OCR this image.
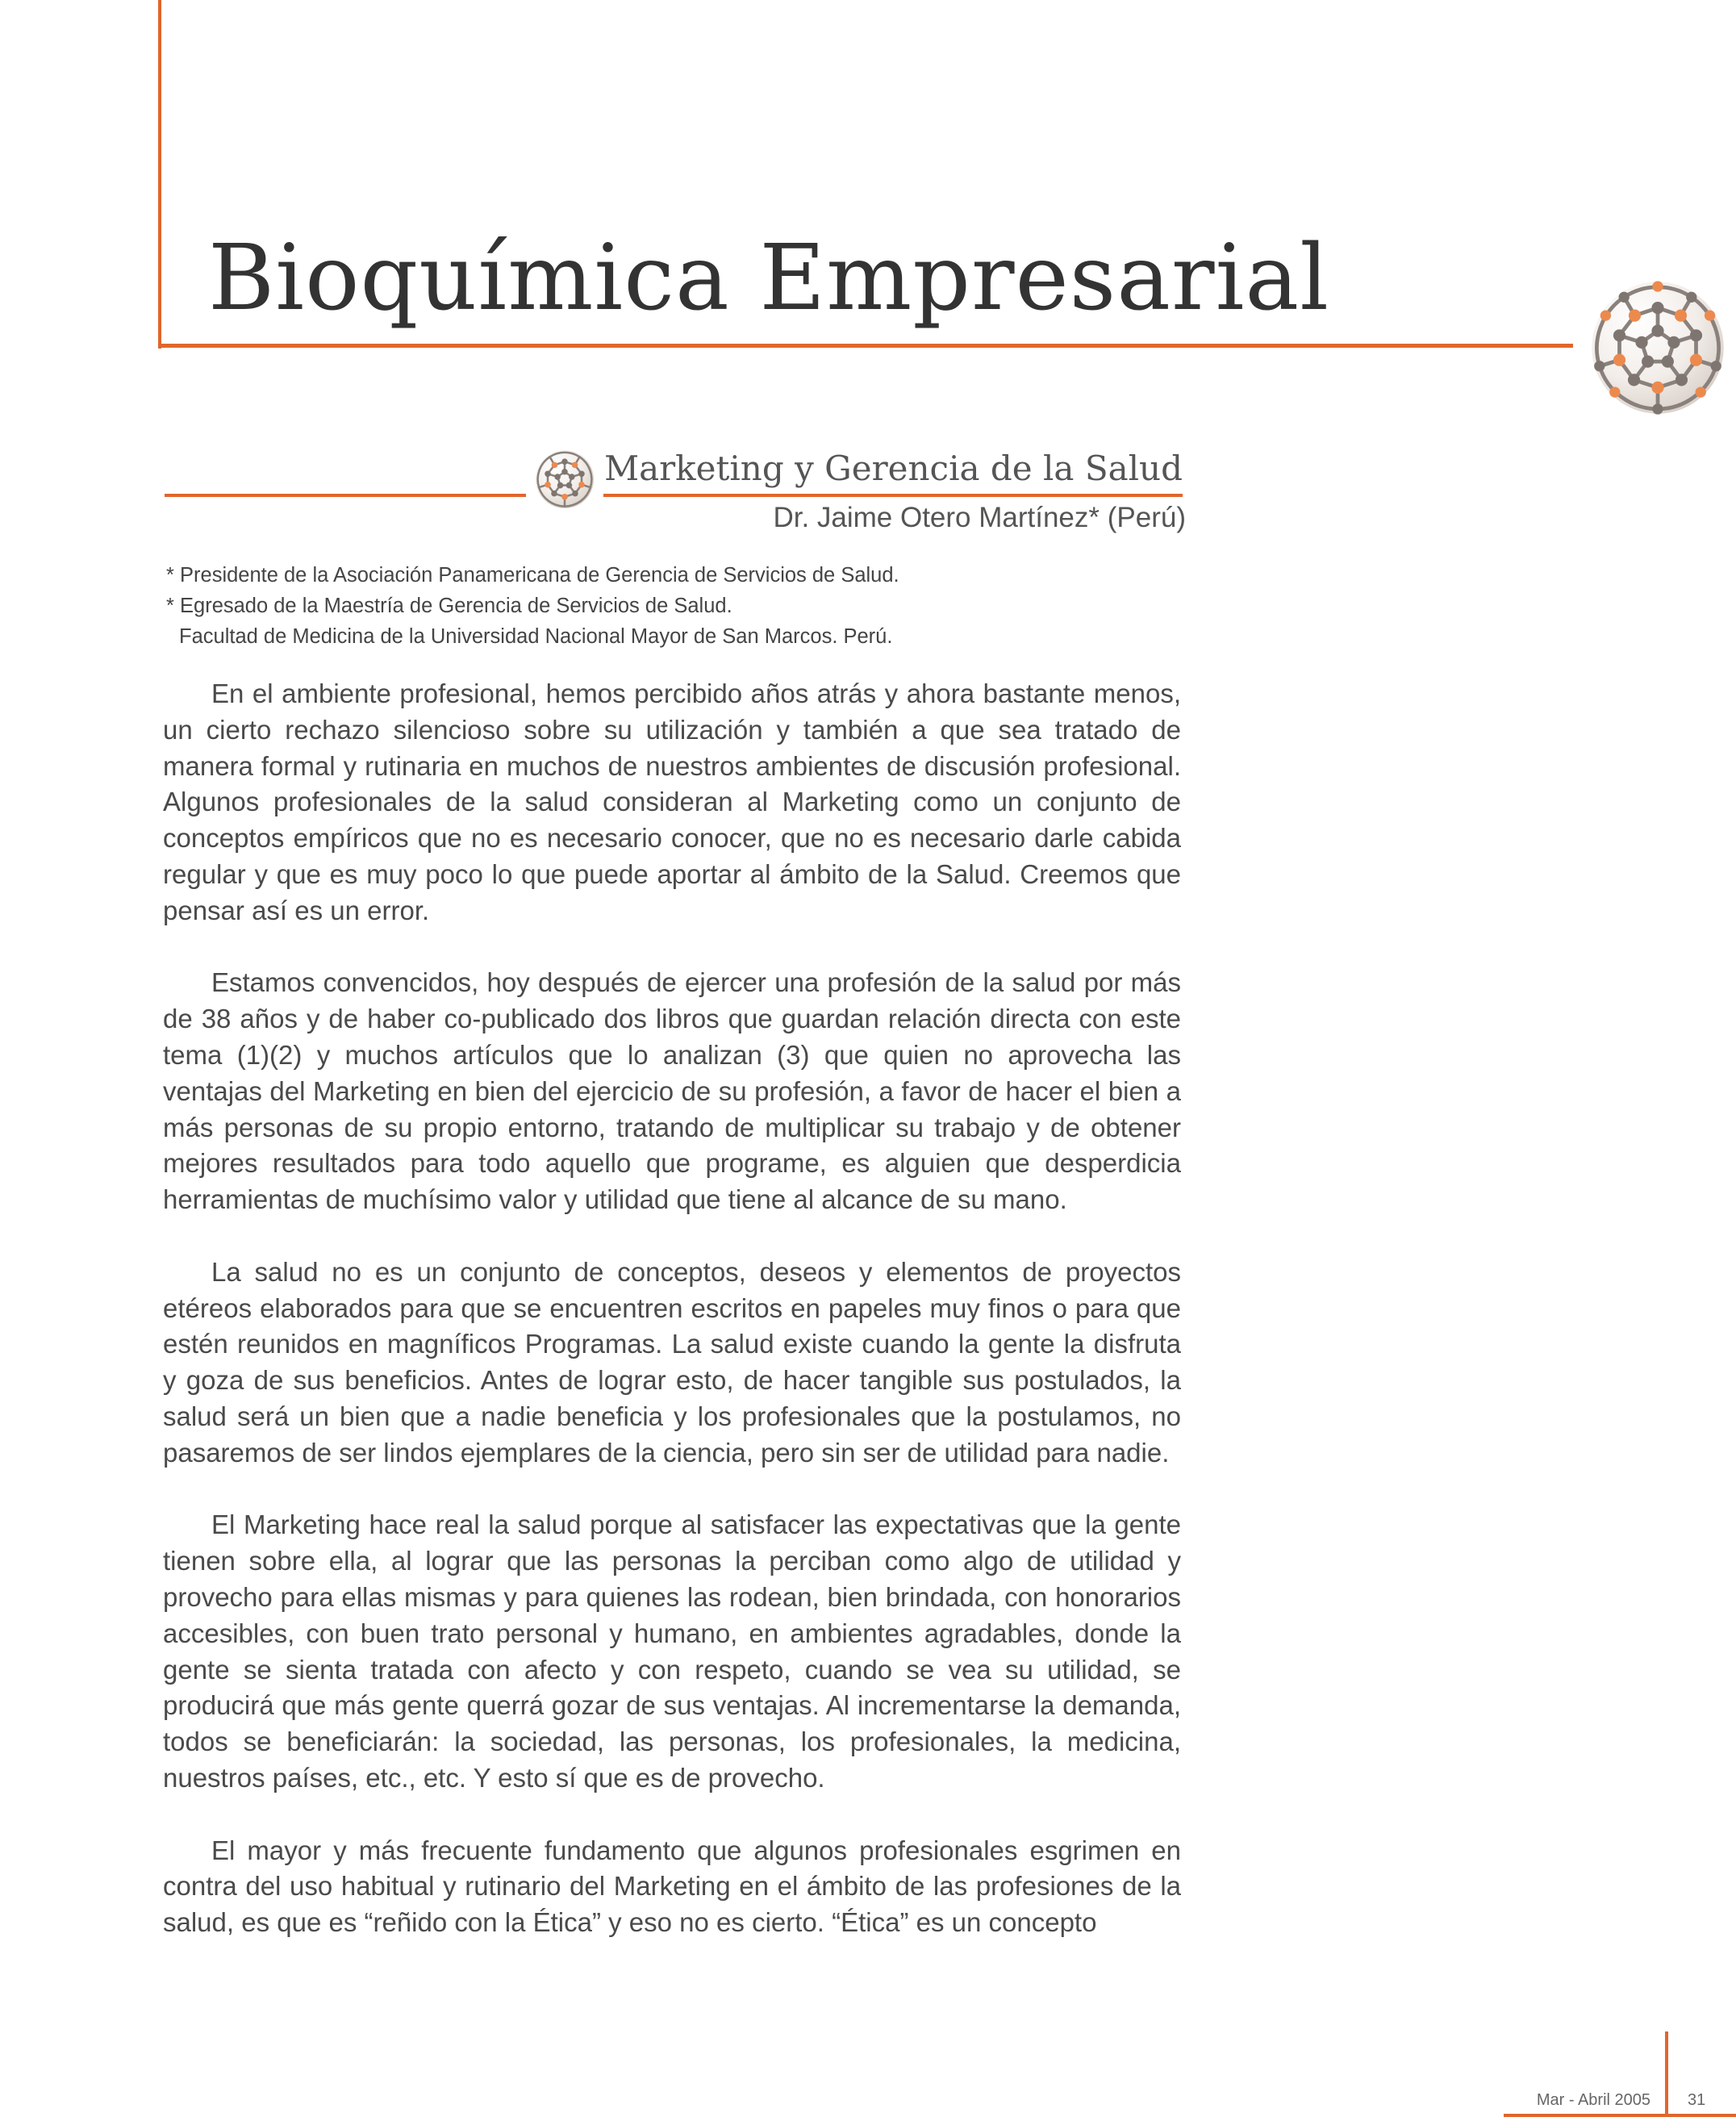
Bioquímica Empresarial
Marketing y Gerencia de la Salud
Dr. Jaime Otero Martínez* (Perú)
* Presidente de la Asociación Panamericana de Gerencia de Servicios de Salud.
* Egresado de la Maestría de Gerencia de Servicios de Salud.
Facultad de Medicina de la Universidad Nacional Mayor de San Marcos. Perú.

En el ambiente profesional, hemos percibido años atrás y ahora bastante menos, un cierto rechazo silencioso sobre su utilización y también a que sea tratado de manera formal y rutinaria en muchos de nuestros ambientes de discusión profesional. Algunos profesionales de la salud consideran al Marketing como un conjunto de conceptos empíricos que no es necesario conocer, que no es necesario darle cabida regular y que es muy poco lo que puede aportar al ámbito de la Salud. Creemos que pensar así es un error.

Estamos convencidos, hoy después de ejercer una profesión de la salud por más de 38 años y de haber co-publicado dos libros que guardan relación directa con este tema (1)(2) y muchos artículos que lo analizan (3) que quien no aprovecha las ventajas del Marketing en bien del ejercicio de su profesión, a favor de hacer el bien a más personas de su propio entorno, tratando de multiplicar su trabajo y de obtener mejores resultados para todo aquello que programe, es alguien que desperdicia herramientas de muchísimo valor y utilidad que tiene al alcance de su mano.

La salud no es un conjunto de conceptos, deseos y elementos de proyectos etéreos elaborados para que se encuentren escritos en papeles muy finos o para que estén reunidos en magníficos Programas. La salud existe cuando la gente la disfruta y goza de sus beneficios. Antes de lograr esto, de hacer tangible sus postulados, la salud será un bien que a nadie beneficia y los profesionales que la postulamos, no pasaremos de ser lindos ejemplares de la ciencia, pero sin ser de utilidad para nadie.

El Marketing hace real la salud porque al satisfacer las expectativas que la gente tienen sobre ella, al lograr que las personas la perciban como algo de utilidad y provecho para ellas mismas y para quienes las rodean, bien brindada, con honorarios accesibles, con buen trato personal y humano, en ambientes agradables, donde la gente se sienta tratada con afecto y con respeto, cuando se vea su utilidad, se producirá que más gente querrá gozar de sus ventajas. Al incrementarse la demanda, todos se beneficiarán: la sociedad, las personas, los profesionales, la medicina, nuestros países, etc., etc. Y esto sí que es de provecho.

El mayor y más frecuente fundamento que algunos profesionales esgrimen en contra del uso habitual y rutinario del Marketing en el ámbito de las profesiones de la salud, es que es “reñido con la Ética” y eso no es cierto. “Ética” es un concepto

Mar - Abril 2005 31
